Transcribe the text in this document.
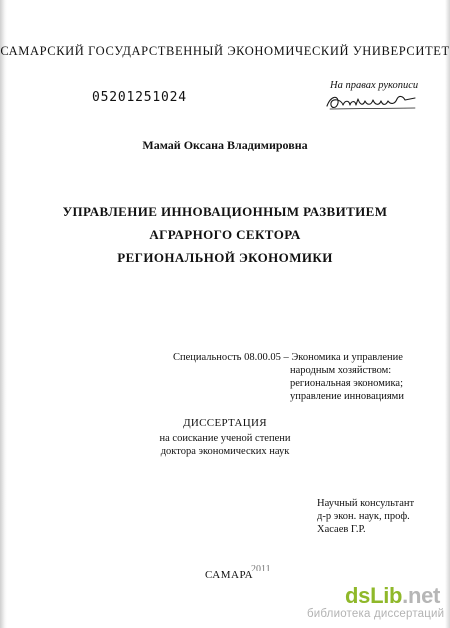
САМАРСКИЙ ГОСУДАРСТВЕННЫЙ ЭКОНОМИЧЕСКИЙ УНИВЕРСИТЕТ
На правах рукописи
05201251024
Мамай Оксана Владимировна
УПРАВЛЕНИЕ ИННОВАЦИОННЫМ РАЗВИТИЕМ
АГРАРНОГО СЕКТОРА
РЕГИОНАЛЬНОЙ ЭКОНОМИКИ
Специальность 08.00.05 – Экономика и управление
народным хозяйством:
региональная экономика;
управление инновациями
ДИССЕРТАЦИЯ
на соискание ученой степени
доктора экономических наук
Научный консультант
д-р экон. наук, проф.
Хасаев Г.Р.
САМАРА
2011
dsLib.net
библиотека диссертаций
